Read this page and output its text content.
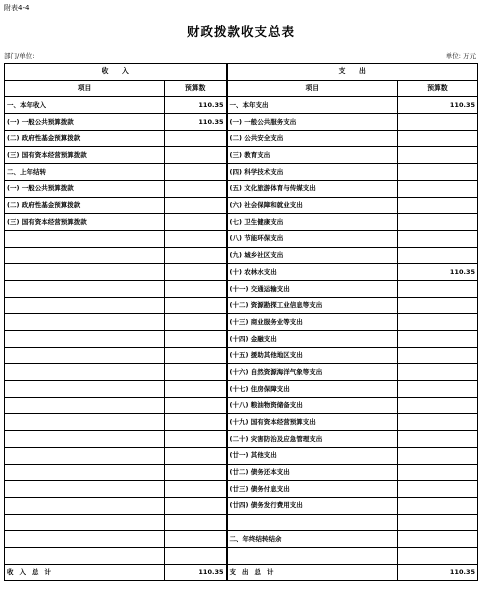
附表4-4
财政拨款收支总表
部门/单位:	单位: 万元
收　　入		支　　出	
项目	预算数	项目	预算数
一、本年收入	110.35	一、本年支出	110.35
(一) 一般公共预算拨款	110.35	(一) 一般公共服务支出	
(二) 政府性基金预算拨款		(二) 公共安全支出	
(三) 国有资本经营预算拨款		(三) 教育支出	
二、上年结转		(四) 科学技术支出	
(一) 一般公共预算拨款		(五) 文化旅游体育与传媒支出	
(二) 政府性基金预算拨款		(六) 社会保障和就业支出	
(三) 国有资本经营预算拨款		(七) 卫生健康支出	
		(八) 节能环保支出	
		(九) 城乡社区支出	
		(十) 农林水支出	110.35
		(十一) 交通运输支出	
		(十二) 资源勘探工业信息等支出	
		(十三) 商业服务业等支出	
		(十四) 金融支出	
		(十五) 援助其他地区支出	
		(十六) 自然资源海洋气象等支出	
		(十七) 住房保障支出	
		(十八) 粮油物资储备支出	
		(十九) 国有资本经营预算支出	
		(二十) 灾害防治及应急管理支出	
		(廿一) 其他支出	
		(廿二) 债务还本支出	
		(廿三) 债务付息支出	
		(廿四) 债务发行费用支出	

		二、年终结转结余	

收入总计	110.35	支出总计	110.35
